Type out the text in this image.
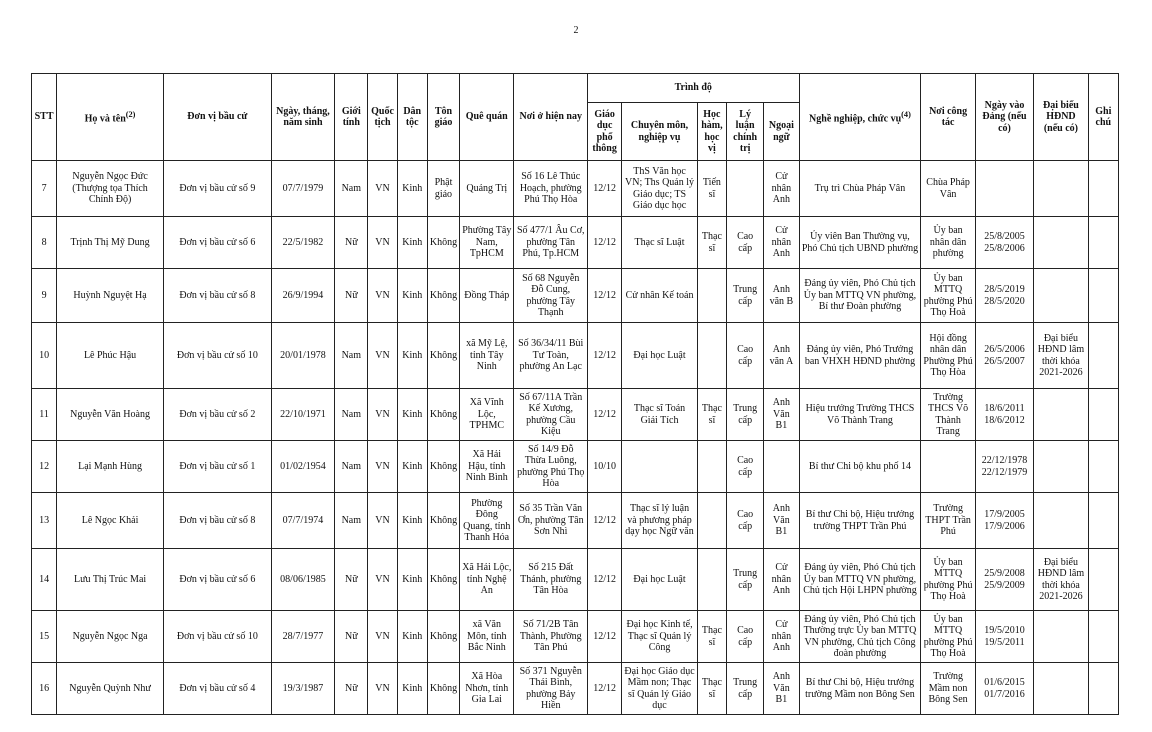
2
STT	Họ và tên$^{(2)}$	Đơn vị bầu cử	Ngày, tháng, năm sinh	Giới tính	Quốc tịch	Dân tộc	Tôn giáo	Quê quán	Nơi ở hiện nay	Trình độ					Nghề nghiệp, chức vụ$^{(4)}$	Nơi công tác	Ngày vào Đảng (nếu có)	Đại biểu HĐND (nếu có)	Ghi chú
										Giáo dục phổ thông	Chuyên môn, nghiệp vụ	Học hàm, học vị	Lý luận chính trị	Ngoại ngữ					
7	Nguyễn Ngọc Đức (Thượng tọa Thích Chính Độ)	Đơn vị bầu cử số 9	07/7/1979	Nam	VN	Kinh	Phật giáo	Quảng Trị	Số 16 Lê Thúc Hoạch, phường Phú Thọ Hòa	12/12	ThS Văn học VN; Ths Quản lý Giáo dục; TS Giáo dục học	Tiến sĩ		Cử nhân Anh	Trụ trì Chùa Pháp Vân	Chùa Pháp Vân			
8	Trịnh Thị Mỹ Dung	Đơn vị bầu cử số 6	22/5/1982	Nữ	VN	Kinh	Không	Phường Tây Nam, TpHCM	Số 477/1 Âu Cơ, phường Tân Phú, Tp.HCM	12/12	Thạc sĩ Luật	Thạc sĩ	Cao cấp	Cử nhân Anh	Ủy viên Ban Thường vụ, Phó Chủ tịch UBND phường	Ủy ban nhân dân phường	25/8/2005 25/8/2006		
9	Huỳnh Nguyệt Hạ	Đơn vị bầu cử số 8	26/9/1994	Nữ	VN	Kinh	Không	Đồng Tháp	Số 68 Nguyễn Đỗ Cung, phường Tây Thạnh	12/12	Cử nhân Kế toán		Trung cấp	Anh văn B	Đảng ủy viên, Phó Chủ tịch Ủy ban MTTQ VN phường, Bí thư Đoàn phường	Ủy ban MTTQ phường Phú Thọ Hoà	28/5/2019 28/5/2020		
10	Lê Phúc Hậu	Đơn vị bầu cử số 10	20/01/1978	Nam	VN	Kinh	Không	xã Mỹ Lệ, tỉnh Tây Ninh	Số 36/34/11 Bùi Tư Toàn, phường An Lạc	12/12	Đại học Luật		Cao cấp	Anh văn A	Đảng ủy viên, Phó Trưởng ban VHXH HĐND phường	Hội đồng nhân dân Phường Phú Thọ Hòa	26/5/2006 26/5/2007	Đại biểu HĐND lâm thời khóa 2021-2026	
11	Nguyễn Văn Hoàng	Đơn vị bầu cử số 2	22/10/1971	Nam	VN	Kinh	Không	Xã Vĩnh Lộc, TPHMC	Số 67/11A Trần Kế Xương, phường Cầu Kiệu	12/12	Thạc sĩ Toán Giải Tích	Thạc sĩ	Trung cấp	Anh Văn B1	Hiệu trưởng Trường THCS Võ Thành Trang	Trường THCS Võ Thành Trang	18/6/2011 18/6/2012		
12	Lại Mạnh Hùng	Đơn vị bầu cử số 1	01/02/1954	Nam	VN	Kinh	Không	Xã Hải Hậu, tỉnh Ninh Bình	Số 14/9 Đỗ Thừa Luông, phường Phú Thọ Hòa	10/10			Cao cấp		Bí thư Chi bộ khu phố 14		22/12/1978 22/12/1979		
13	Lê Ngọc Khải	Đơn vị bầu cử số 8	07/7/1974	Nam	VN	Kinh	Không	Phường Đông Quang, tỉnh Thanh Hóa	Số 35 Trần Văn Ơn, phường Tân Sơn Nhì	12/12	Thạc sĩ lý luận và phương pháp dạy học Ngữ văn		Cao cấp	Anh Văn B1	Bí thư Chi bộ, Hiệu trưởng trường THPT Trần Phú	Trường THPT Trần Phú	17/9/2005 17/9/2006		
14	Lưu Thị Trúc Mai	Đơn vị bầu cử số 6	08/06/1985	Nữ	VN	Kinh	Không	Xã Hải Lộc, tỉnh Nghệ An	Số 215 Đất Thánh, phường Tân Hòa	12/12	Đại học Luật		Trung cấp	Cử nhân Anh	Đảng ủy viên, Phó Chủ tịch Ủy ban MTTQ VN phường, Chủ tịch Hội LHPN phường	Ủy ban MTTQ phường Phú Thọ Hoà	25/9/2008 25/9/2009	Đại biểu HĐND lâm thời khóa 2021-2026	
15	Nguyễn Ngọc Nga	Đơn vị bầu cử số 10	28/7/1977	Nữ	VN	Kinh	Không	xã Văn Môn, tỉnh Bắc Ninh	Số 71/2B Tân Thành, Phường Tân Phú	12/12	Đại học Kinh tế, Thạc sĩ Quản lý Công	Thạc sĩ	Cao cấp	Cử nhân Anh	Đảng ủy viên, Phó Chủ tịch Thường trực Ủy ban MTTQ VN phường, Chủ tịch Công đoàn phường	Ủy ban MTTQ phường Phú Thọ Hoà	19/5/2010 19/5/2011		
16	Nguyễn Quỳnh Như	Đơn vị bầu cử số 4	19/3/1987	Nữ	VN	Kinh	Không	Xã Hòa Nhơn, tỉnh Gia Lai	Số 371 Nguyễn Thái Bình, phường Bảy Hiền	12/12	Đại học Giáo dục Mầm non; Thạc sĩ Quản lý Giáo dục	Thạc sĩ	Trung cấp	Anh Văn B1	Bí thư Chi bộ, Hiệu trưởng trường Mầm non Bông Sen	Trường Mầm non Bông Sen	01/6/2015 01/7/2016		
